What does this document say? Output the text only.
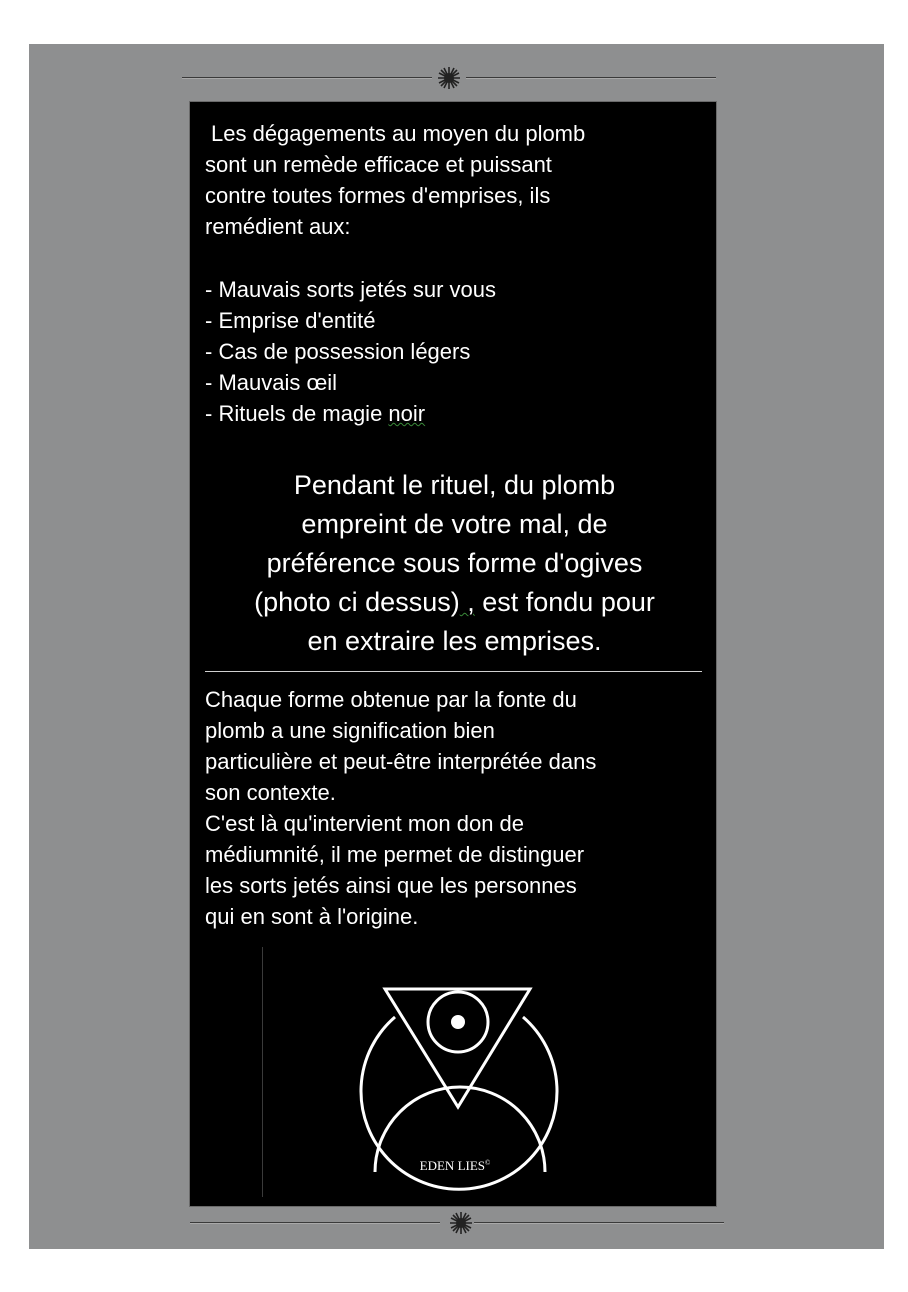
Les dégagements au moyen du plomb
sont un remède efficace et puissant
contre toutes formes d'emprises, ils
remédient aux:

- Mauvais sorts jetés sur vous
- Emprise d'entité
- Cas de possession légers
- Mauvais œil
- Rituels de magie noir

Pendant le rituel, du plomb
empreint de votre mal, de
préférence sous forme d'ogives
(photo ci dessus) , est fondu pour
en extraire les emprises.

Chaque forme obtenue par la fonte du
plomb a une signification bien
particulière et peut-être interprétée dans
son contexte.
C'est là qu'intervient mon don de
médiumnité, il me permet de distinguer
les sorts jetés ainsi que les personnes
qui en sont à l'origine.

EDEN LIES©
